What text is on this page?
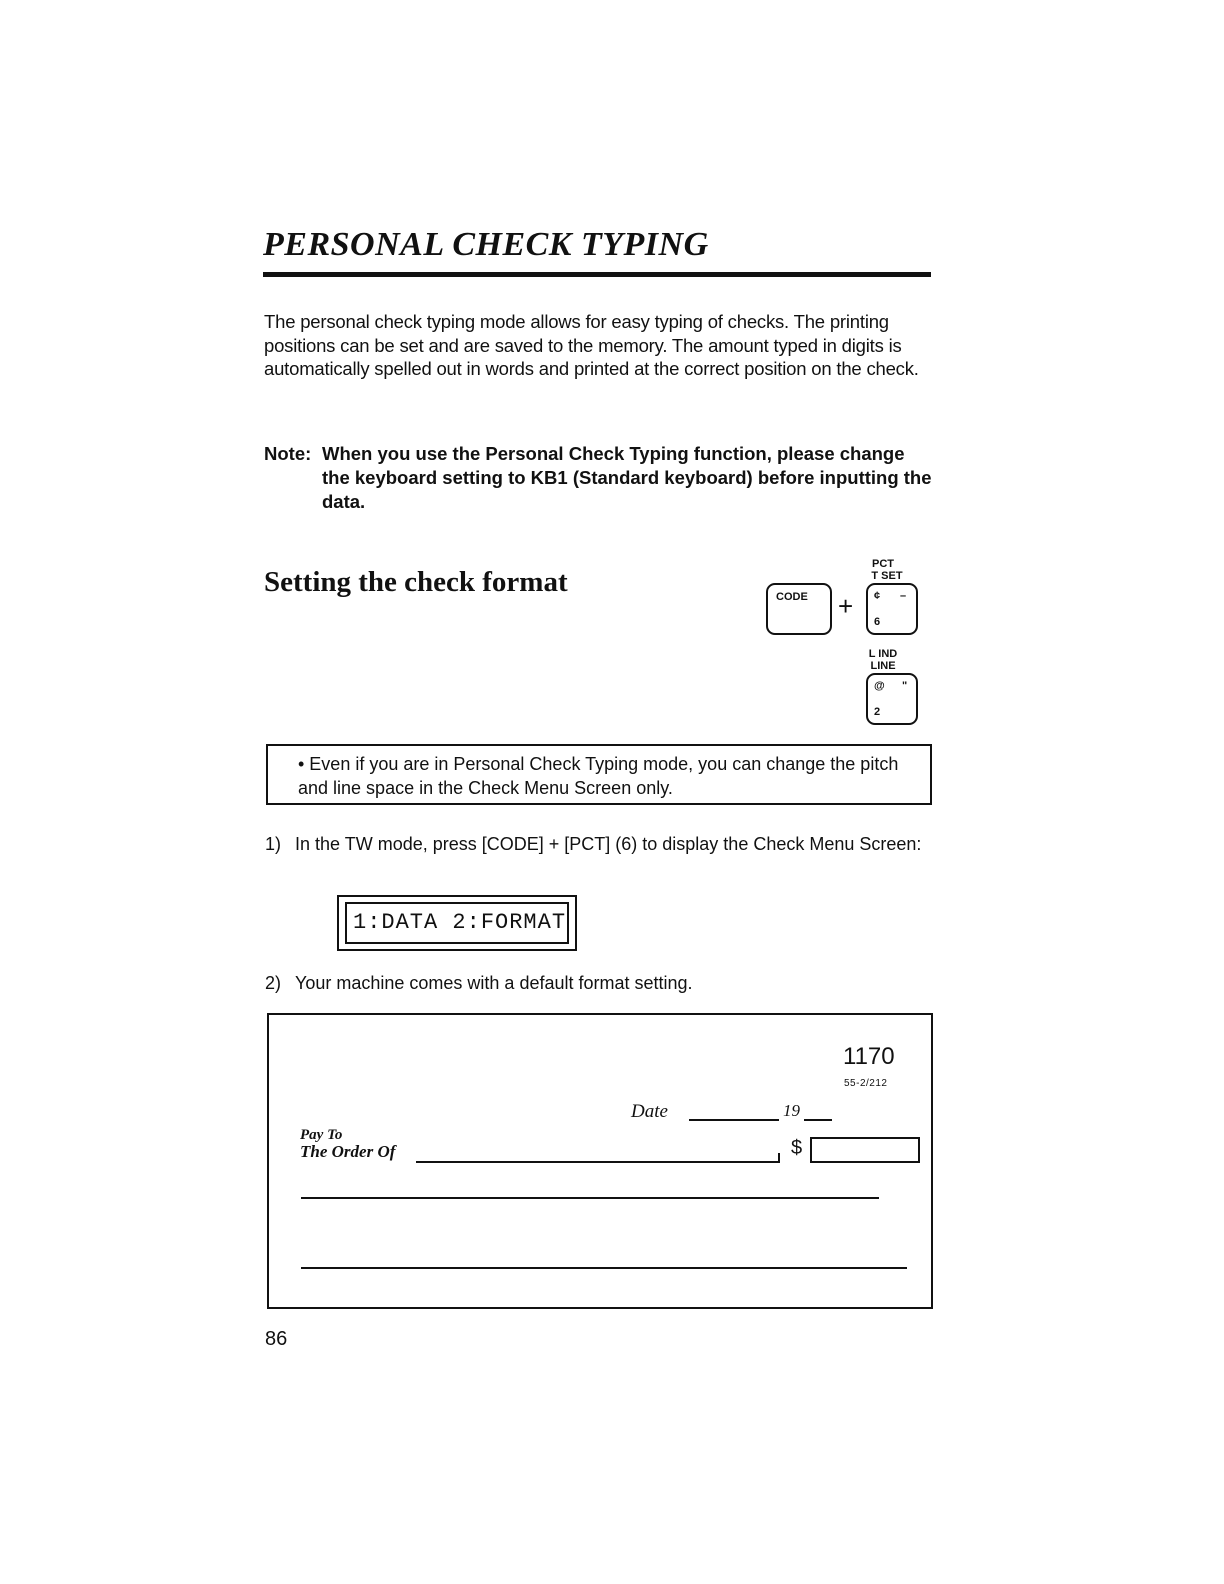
PERSONAL CHECK TYPING

The personal check typing mode allows for easy typing of checks. The printing positions can be set and are saved to the memory. The amount typed in digits is automatically spelled out in words and printed at the correct position on the check.

Note: When you use the Personal Check Typing function, please change the keyboard setting to KB1 (Standard keyboard) before inputting the data.
Setting the check format
PCT
T SET
CODE + ¢ –
6
L IND
LINE
@ "
2
• Even if you are in Personal Check Typing mode, you can change the pitch and line space in the Check Menu Screen only.
1) In the TW mode, press [CODE] + [PCT] (6) to display the Check Menu Screen:
1:DATA 2:FORMAT
2) Your machine comes with a default format setting.
1170
55-2/212
Date	19
Pay To
The Order Of	$
86
